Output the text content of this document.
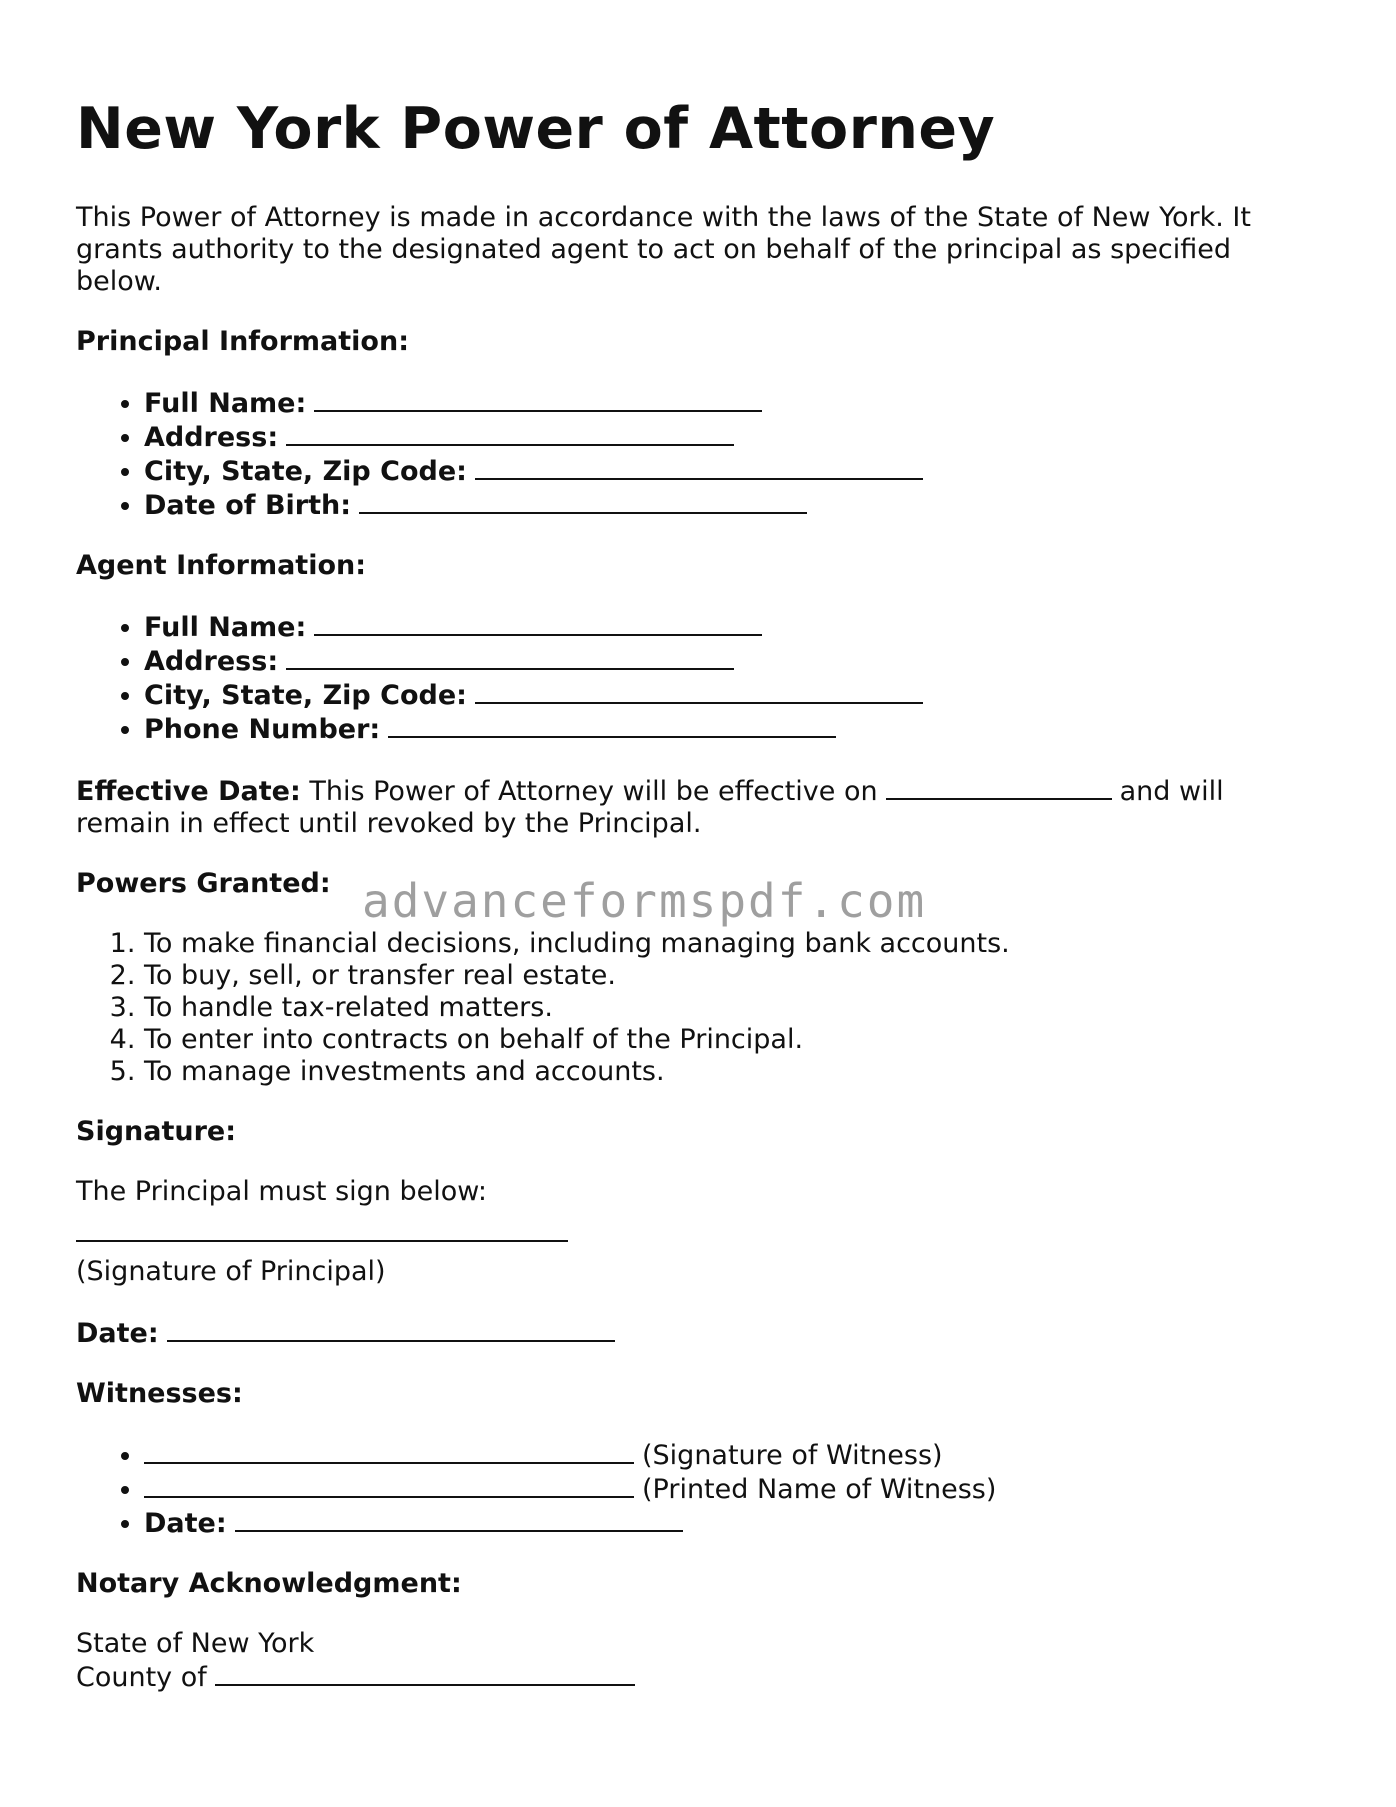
New York Power of Attorney

This Power of Attorney is made in accordance with the laws of the State of New York. It grants authority to the designated agent to act on behalf of the principal as specified below.

Principal Information:
• Full Name:
• Address:
• City, State, Zip Code:
• Date of Birth:
Agent Information:
• Full Name:
• Address:
• City, State, Zip Code:
• Phone Number:

Effective Date: This Power of Attorney will be effective on	and will remain in effect until revoked by the Principal.

Powers Granted:
1. To make financial decisions, including managing bank accounts.
2. To buy, sell, or transfer real estate.
3. To handle tax-related matters.
4. To enter into contracts on behalf of the Principal.
5. To manage investments and accounts.
Signature:

The Principal must sign below:

(Signature of Principal)

Date:

Witnesses:
• (Signature of Witness)
• (Printed Name of Witness)
• Date:
Notary Acknowledgment:
State of New York
County of
advanceformspdf.com
